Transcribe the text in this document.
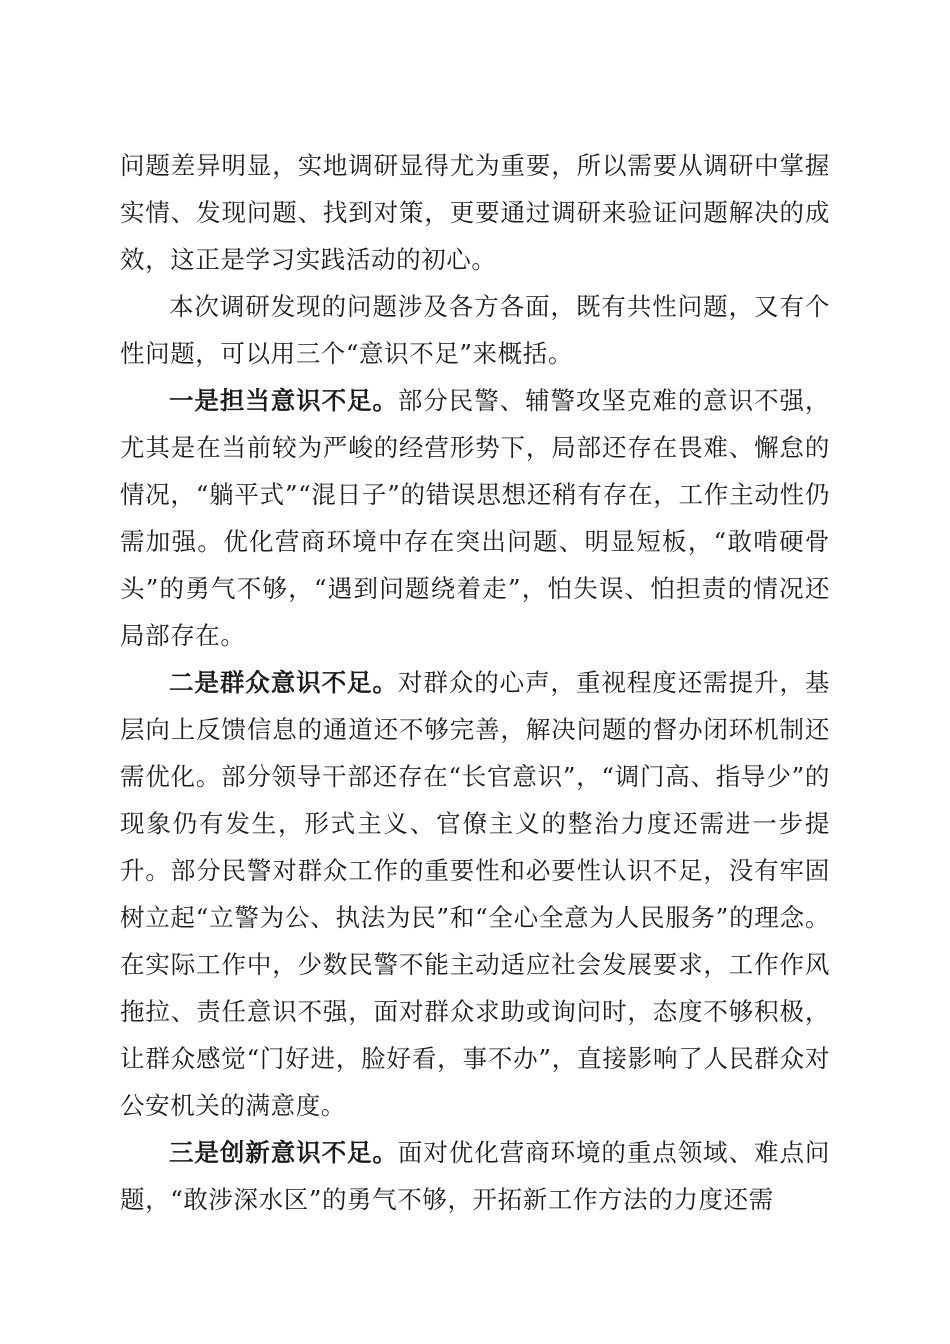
问题差异明显，实地调研显得尤为重要，所以需要从调研中掌握实情、发现问题、找到对策，更要通过调研来验证问题解决的成效，这正是学习实践活动的初心。

本次调研发现的问题涉及各方各面，既有共性问题，又有个性问题，可以用三个“意识不足”来概括。

一是担当意识不足。部分民警、辅警攻坚克难的意识不强，尤其是在当前较为严峻的经营形势下，局部还存在畏难、懈怠的情况，“躺平式”“混日子”的错误思想还稍有存在，工作主动性仍需加强。优化营商环境中存在突出问题、明显短板，“敢啃硬骨头”的勇气不够，“遇到问题绕着走”，怕失误、怕担责的情况还局部存在。

二是群众意识不足。对群众的心声，重视程度还需提升，基层向上反馈信息的通道还不够完善，解决问题的督办闭环机制还需优化。部分领导干部还存在“长官意识”，“调门高、指导少”的现象仍有发生，形式主义、官僚主义的整治力度还需进一步提升。部分民警对群众工作的重要性和必要性认识不足，没有牢固树立起“立警为公、执法为民”和“全心全意为人民服务”的理念。在实际工作中，少数民警不能主动适应社会发展要求，工作作风拖拉、责任意识不强，面对群众求助或询问时，态度不够积极，让群众感觉“门好进，脸好看，事不办”，直接影响了人民群众对公安机关的满意度。

三是创新意识不足。面对优化营商环境的重点领域、难点问题，“敢涉深水区”的勇气不够，开拓新工作方法的力度还需
